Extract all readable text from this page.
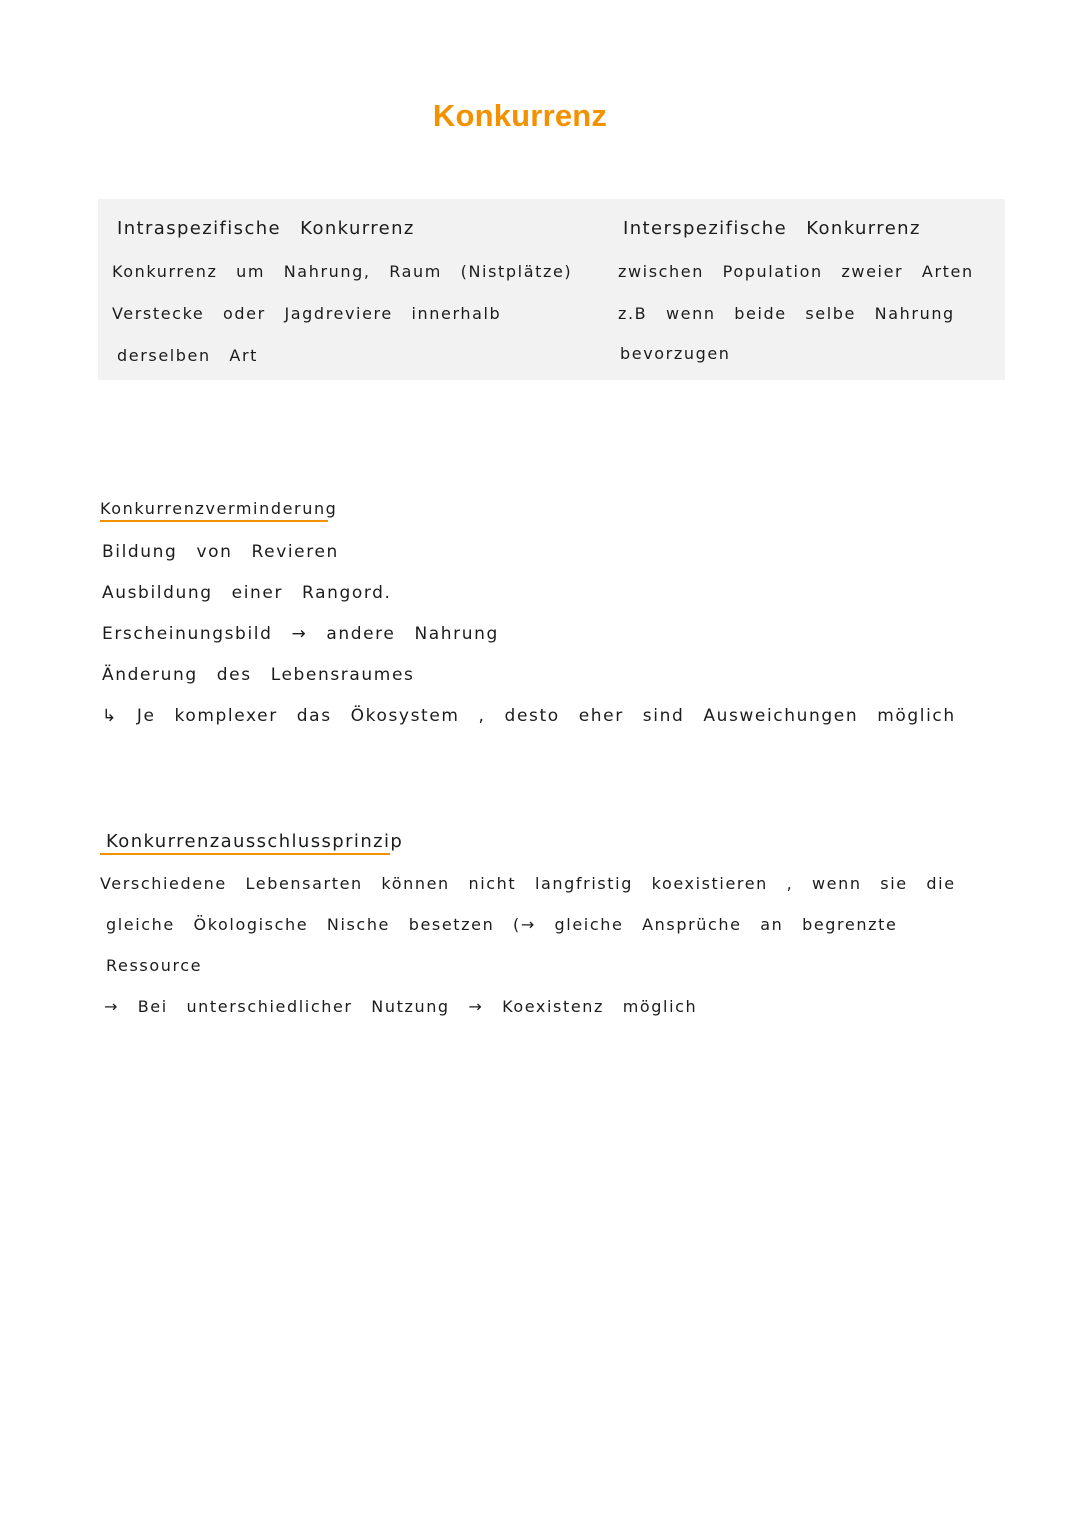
Konkurrenz
Intraspezifische Konkurrenz
Konkurrenz um Nahrung, Raum (Nistplätze)
Verstecke oder Jagdreviere innerhalb
derselben Art
Interspezifische Konkurrenz
zwischen Population zweier Arten
z.B wenn beide selbe Nahrung
bevorzugen
Konkurrenzverminderung
Bildung von Revieren
Ausbildung einer Rangord.
Erscheinungsbild → andere Nahrung
Änderung des Lebensraumes
↳ Je komplexer das Ökosystem , desto eher sind Ausweichungen möglich
Konkurrenzausschlussprinzip
Verschiedene Lebensarten können nicht langfristig koexistieren , wenn sie die
gleiche Ökologische Nische besetzen (→ gleiche Ansprüche an begrenzte
Ressource
→ Bei unterschiedlicher Nutzung → Koexistenz möglich
